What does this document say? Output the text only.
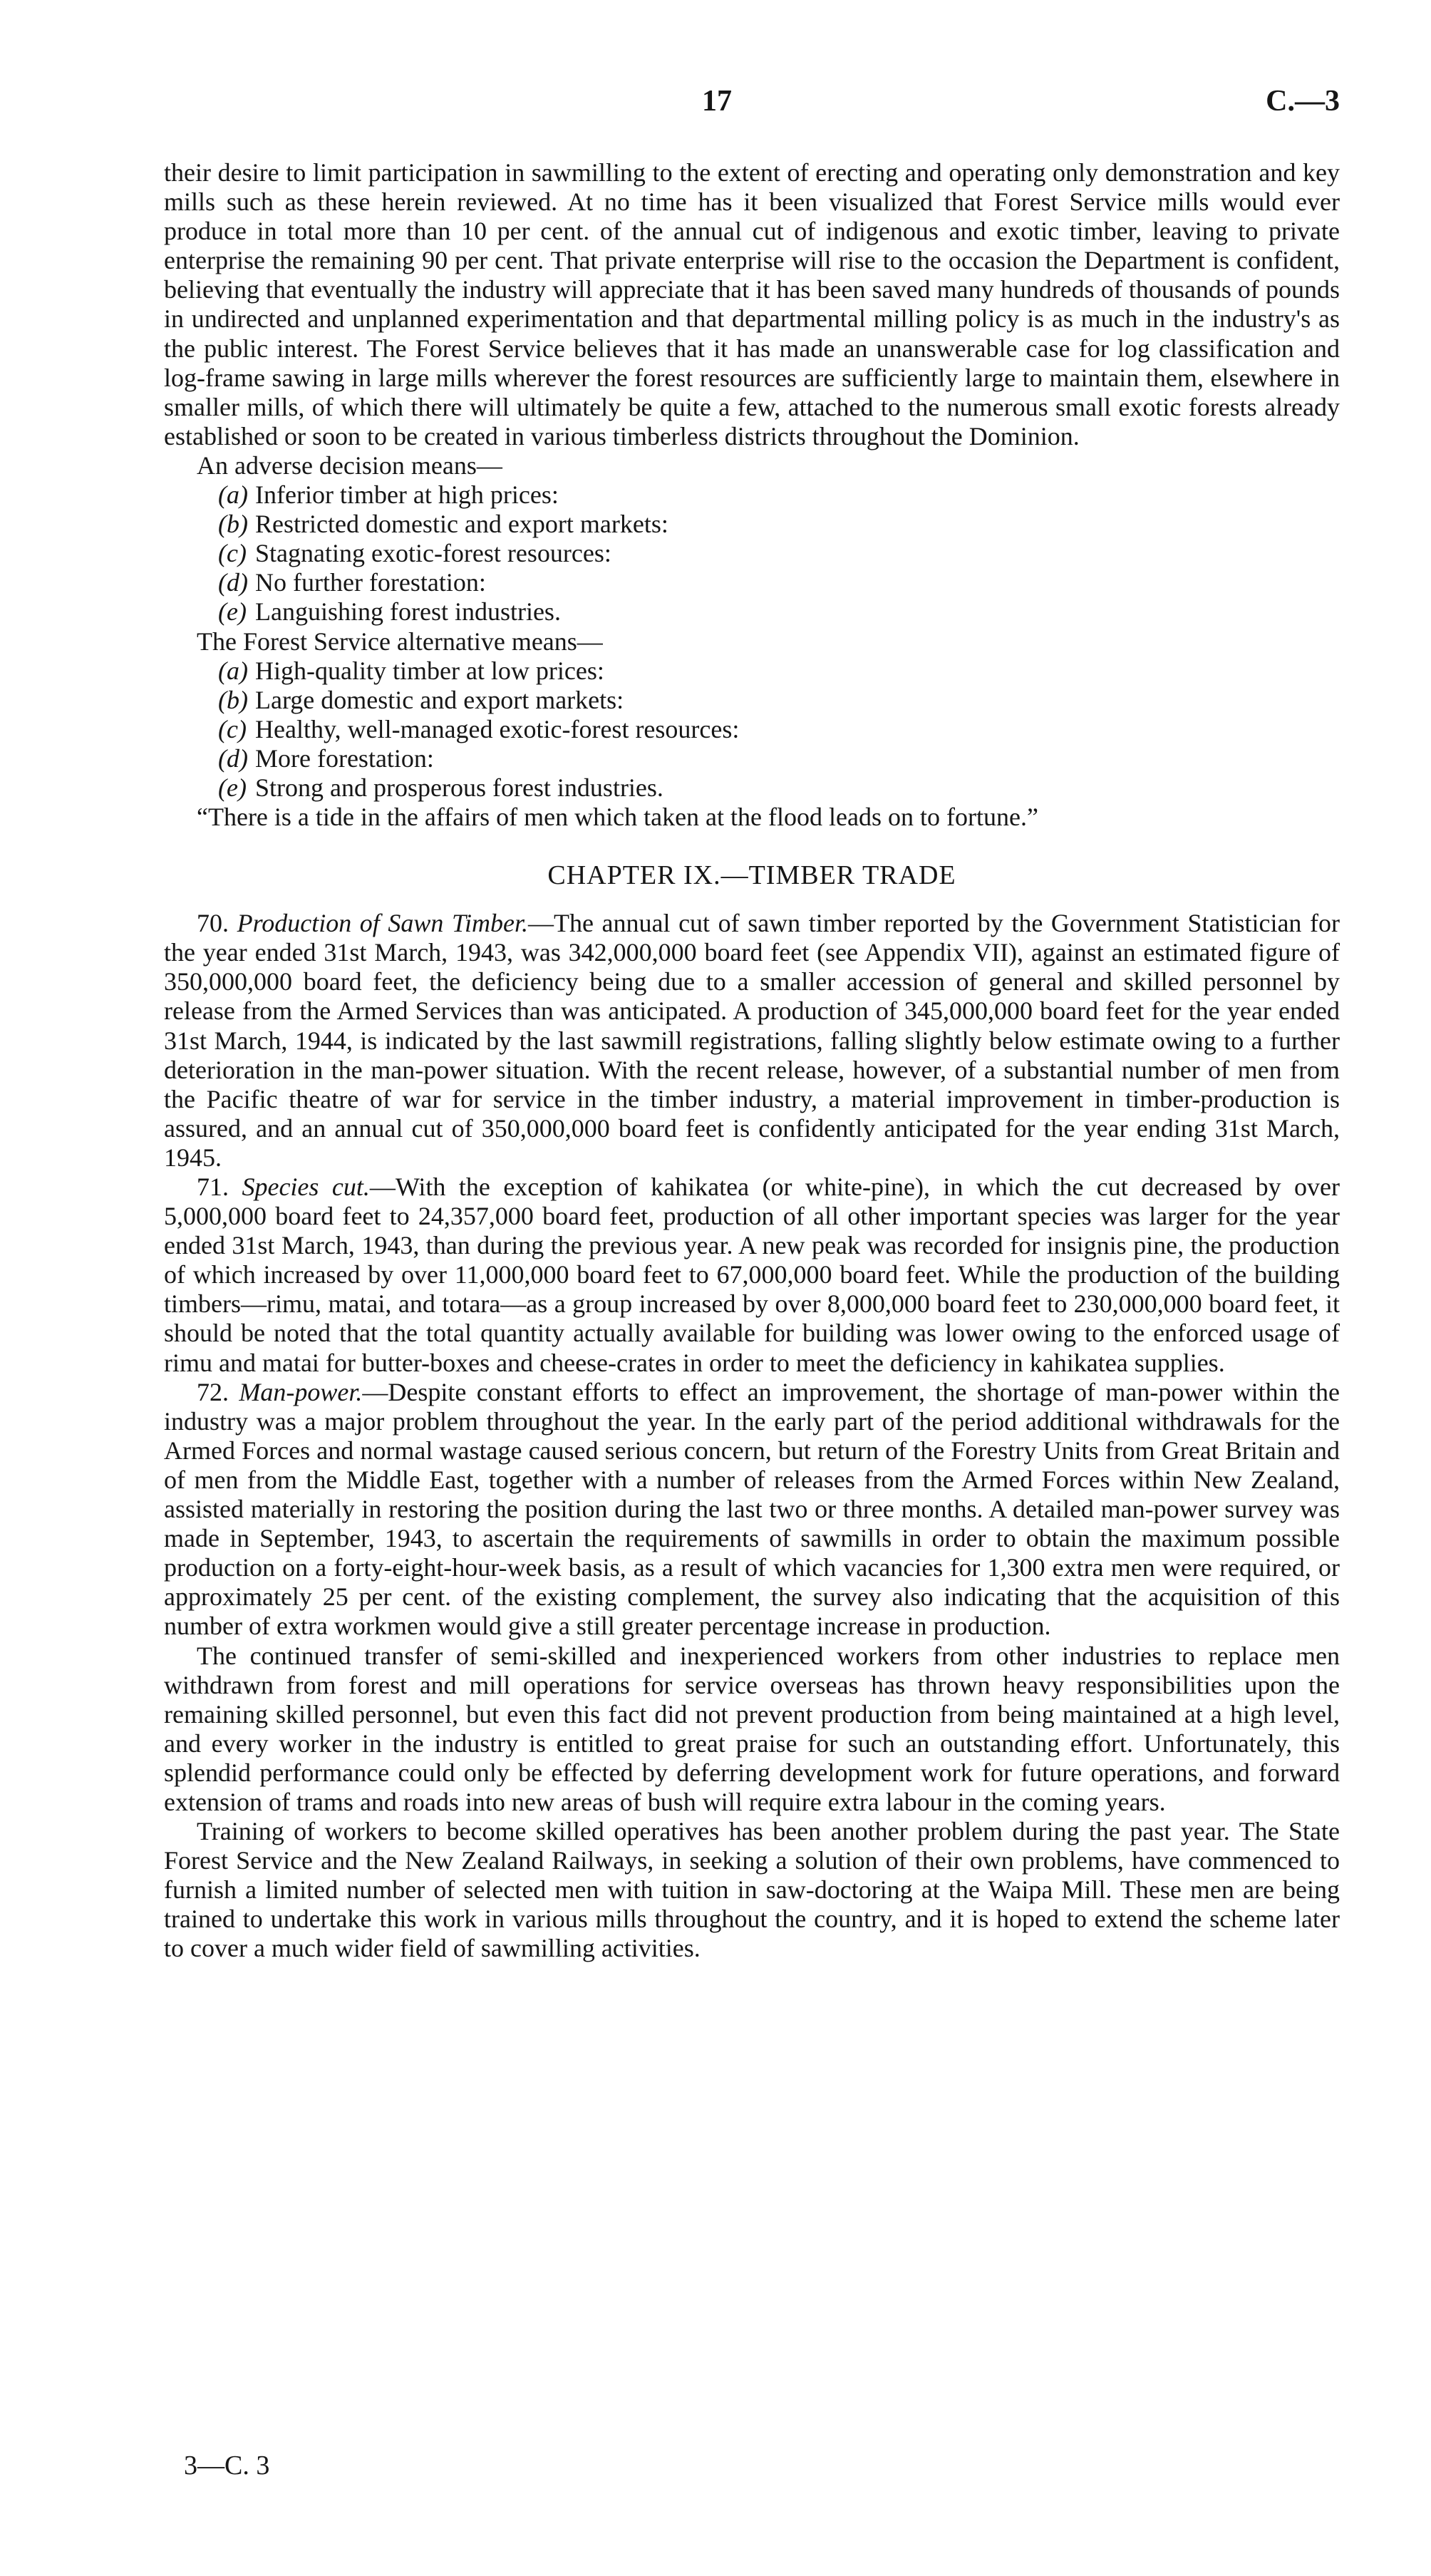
17	C.—3

their desire to limit participation in sawmilling to the extent of erecting and operating only demonstration and key mills such as these herein reviewed. At no time has it been visualized that Forest Service mills would ever produce in total more than 10 per cent. of the annual cut of indigenous and exotic timber, leaving to private enterprise the remaining 90 per cent. That private enterprise will rise to the occasion the Department is confident, believing that eventually the industry will appreciate that it has been saved many hundreds of thousands of pounds in undirected and unplanned experimentation and that departmental milling policy is as much in the industry's as the public interest. The Forest Service believes that it has made an unanswerable case for log classification and log-frame sawing in large mills wherever the forest resources are sufficiently large to maintain them, elsewhere in smaller mills, of which there will ultimately be quite a few, attached to the numerous small exotic forests already established or soon to be created in various timberless districts throughout the Dominion.

An adverse decision means—

(a) Inferior timber at high prices:
(b) Restricted domestic and export markets:
(c) Stagnating exotic-forest resources:
(d) No further forestation:
(e) Languishing forest industries.

The Forest Service alternative means—

(a) High-quality timber at low prices:
(b) Large domestic and export markets:
(c) Healthy, well-managed exotic-forest resources:
(d) More forestation:
(e) Strong and prosperous forest industries.

“There is a tide in the affairs of men which taken at the flood leads on to fortune.”

CHAPTER IX.—TIMBER TRADE

70. Production of Sawn Timber.—The annual cut of sawn timber reported by the Government Statistician for the year ended 31st March, 1943, was 342,000,000 board feet (see Appendix VII), against an estimated figure of 350,000,000 board feet, the deficiency being due to a smaller accession of general and skilled personnel by release from the Armed Services than was anticipated. A production of 345,000,000 board feet for the year ended 31st March, 1944, is indicated by the last sawmill registrations, falling slightly below estimate owing to a further deterioration in the man-power situation. With the recent release, however, of a substantial number of men from the Pacific theatre of war for service in the timber industry, a material improvement in timber-production is assured, and an annual cut of 350,000,000 board feet is confidently anticipated for the year ending 31st March, 1945.

71. Species cut.—With the exception of kahikatea (or white-pine), in which the cut decreased by over 5,000,000 board feet to 24,357,000 board feet, production of all other important species was larger for the year ended 31st March, 1943, than during the previous year. A new peak was recorded for insignis pine, the production of which increased by over 11,000,000 board feet to 67,000,000 board feet. While the production of the building timbers—rimu, matai, and totara—as a group increased by over 8,000,000 board feet to 230,000,000 board feet, it should be noted that the total quantity actually available for building was lower owing to the enforced usage of rimu and matai for butter-boxes and cheese-crates in order to meet the deficiency in kahikatea supplies.

72. Man-power.—Despite constant efforts to effect an improvement, the shortage of man-power within the industry was a major problem throughout the year. In the early part of the period additional withdrawals for the Armed Forces and normal wastage caused serious concern, but return of the Forestry Units from Great Britain and of men from the Middle East, together with a number of releases from the Armed Forces within New Zealand, assisted materially in restoring the position during the last two or three months. A detailed man-power survey was made in September, 1943, to ascertain the requirements of sawmills in order to obtain the maximum possible production on a forty-eight-hour-week basis, as a result of which vacancies for 1,300 extra men were required, or approximately 25 per cent. of the existing complement, the survey also indicating that the acquisition of this number of extra workmen would give a still greater percentage increase in production.

The continued transfer of semi-skilled and inexperienced workers from other industries to replace men withdrawn from forest and mill operations for service overseas has thrown heavy responsibilities upon the remaining skilled personnel, but even this fact did not prevent production from being maintained at a high level, and every worker in the industry is entitled to great praise for such an outstanding effort. Unfortunately, this splendid performance could only be effected by deferring development work for future operations, and forward extension of trams and roads into new areas of bush will require extra labour in the coming years.

Training of workers to become skilled operatives has been another problem during the past year. The State Forest Service and the New Zealand Railways, in seeking a solution of their own problems, have commenced to furnish a limited number of selected men with tuition in saw-doctoring at the Waipa Mill. These men are being trained to undertake this work in various mills throughout the country, and it is hoped to extend the scheme later to cover a much wider field of sawmilling activities.

3—C. 3
